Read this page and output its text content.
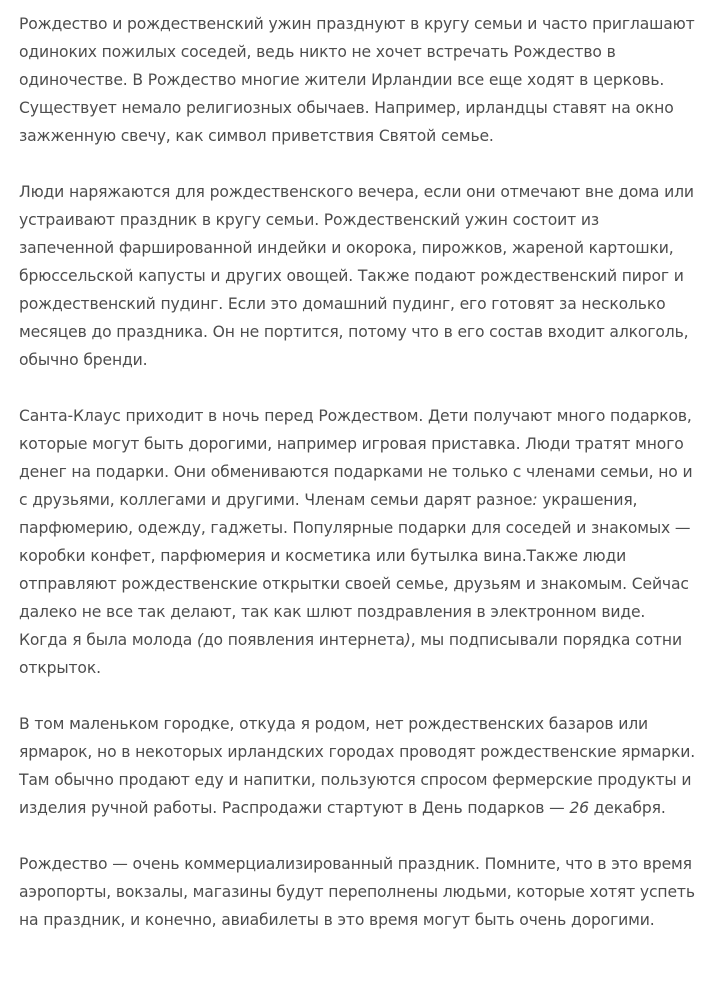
Рождество и рождественский ужин празднуют в кругу семьи и часто приглашают одиноких пожилых соседей, ведь никто не хочет встречать Рождество в одиночестве. В Рождество многие жители Ирландии все еще ходят в церковь. Существует немало религиозных обычаев. Например, ирландцы ставят на окно зажженную свечу, как символ приветствия Святой семье.

Люди наряжаются для рождественского вечера, если они отмечают вне дома или устраивают праздник в кругу семьи. Рождественский ужин состоит из запеченной фаршированной индейки и окорока, пирожков, жареной картошки, брюссельской капусты и других овощей. Также подают рождественский пирог и рождественский пудинг. Если это домашний пудинг, его готовят за несколько месяцев до праздника. Он не портится, потому что в его состав входит алкоголь, обычно бренди.

Санта-Клаус приходит в ночь перед Рождеством. Дети получают много подарков, которые могут быть дорогими, например игровая приставка. Люди тратят много денег на подарки. Они обмениваются подарками не только с членами семьи, но и с друзьями, коллегами и другими. Членам семьи дарят разное: украшения, парфюмерию, одежду, гаджеты. Популярные подарки для соседей и знакомых — коробки конфет, парфюмерия и косметика или бутылка вина.Также люди отправляют рождественские открытки своей семье, друзьям и знакомым. Сейчас далеко не все так делают, так как шлют поздравления в электронном виде. Когда я была молода (до появления интернета), мы подписывали порядка сотни открыток.

В том маленьком городке, откуда я родом, нет рождественских базаров или ярмарок, но в некоторых ирландских городах проводят рождественские ярмарки. Там обычно продают еду и напитки, пользуются спросом фермерские продукты и изделия ручной работы. Распродажи стартуют в День подарков — 26 декабря.

Рождество — очень коммерциализированный праздник. Помните, что в это время аэропорты, вокзалы, магазины будут переполнены людьми, которые хотят успеть на праздник, и конечно, авиабилеты в это время могут быть очень дорогими.
